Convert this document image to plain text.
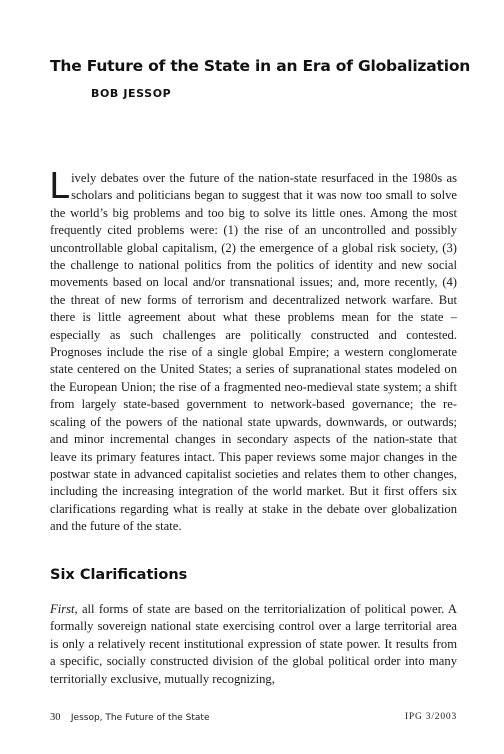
The Future of the State in an Era of Globalization
BOB JESSOP
L ively debates over the future of the nation-state resurfaced in the 1980s as scholars and politicians began to suggest that it was now too small to solve the world’s big problems and too big to solve its little ones. Among the most frequently cited problems were: (1) the rise of an uncontrolled and possibly uncontrollable global capitalism, (2) the emergence of a global risk society, (3) the challenge to national politics from the politics of identity and new social movements based on local and/or transnational issues; and, more recently, (4) the threat of new forms of terrorism and decentralized network warfare. But there is little agreement about what these problems mean for the state – especially as such challenges are politically constructed and contested. Prognoses include the rise of a single global Empire; a western conglomerate state centered on the United States; a series of supranational states modeled on the European Union; the rise of a fragmented neo-medieval state system; a shift from largely state-based government to network-based governance; the re-scaling of the powers of the national state upwards, downwards, or outwards; and minor incremental changes in secondary aspects of the nation-state that leave its primary features intact. This paper reviews some major changes in the postwar state in advanced capitalist societies and relates them to other changes, including the increasing integration of the world market. But it first offers six clarifications regarding what is really at stake in the debate over globalization and the future of the state.

Six Clarifications

First, all forms of state are based on the territorialization of political power. A formally sovereign national state exercising control over a large territorial area is only a relatively recent institutional expression of state power. It results from a specific, socially constructed division of the global political order into many territorially exclusive, mutually recognizing,

30 Jessop, The Future of the State	IPG 3/2003
